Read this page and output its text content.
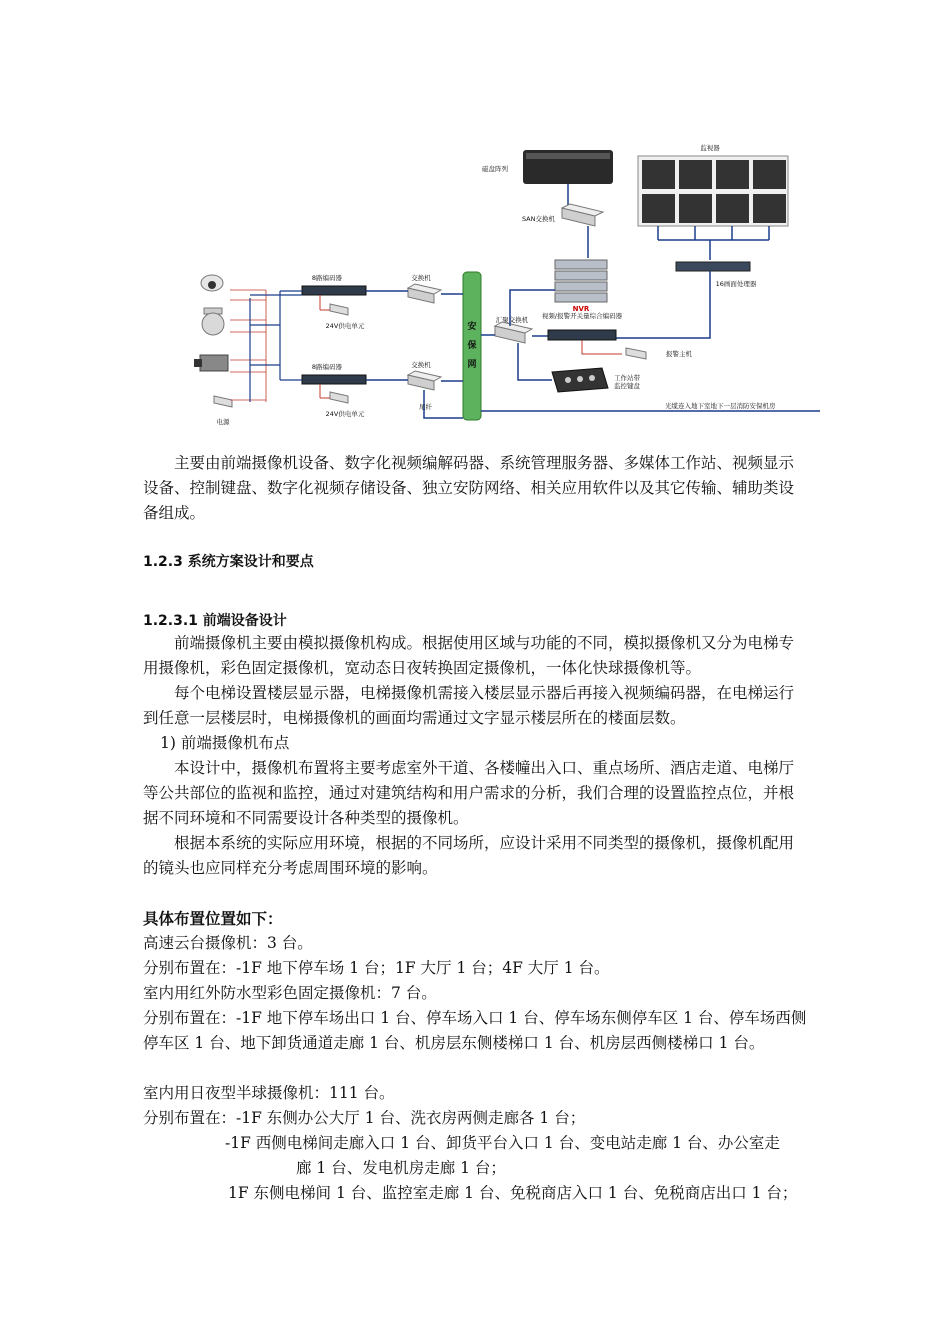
磁盘阵列
SAN交换机
NVR
监视器
16画面处理器
安
保
网
汇聚交换机 视频/报警开关量综合编码器
报警主机
工作站带
监控键盘
光缆连入地下室地下一层消防安保机房
8路编码器	交换机
24V供电单元
8路编码器	交换机
尾纤
24V供电单元
电源

主要由前端摄像机设备、数字化视频编解码器、系统管理服务器、多媒体工作站、视频显示设备、控制键盘、数字化视频存储设备、独立安防网络、相关应用软件以及其它传输、辅助类设备组成。

1.2.3 系统方案设计和要点

1.2.3.1 前端设备设计

前端摄像机主要由模拟摄像机构成。根据使用区域与功能的不同，模拟摄像机又分为电梯专用摄像机，彩色固定摄像机，宽动态日夜转换固定摄像机，一体化快球摄像机等。

每个电梯设置楼层显示器，电梯摄像机需接入楼层显示器后再接入视频编码器，在电梯运行到任意一层楼层时，电梯摄像机的画面均需通过文字显示楼层所在的楼面层数。

1) 前端摄像机布点

本设计中，摄像机布置将主要考虑室外干道、各楼幢出入口、重点场所、酒店走道、电梯厅等公共部位的监视和监控，通过对建筑结构和用户需求的分析，我们合理的设置监控点位，并根据不同环境和不同需要设计各种类型的摄像机。

根据本系统的实际应用环境，根据的不同场所，应设计采用不同类型的摄像机，摄像机配用的镜头也应同样充分考虑周围环境的影响。

具体布置位置如下：

高速云台摄像机：3 台。

分别布置在：-1F 地下停车场 1 台；1F 大厅 1 台；4F 大厅 1 台。

室内用红外防水型彩色固定摄像机：7 台。

分别布置在：-1F 地下停车场出口 1 台、停车场入口 1 台、停车场东侧停车区 1 台、停车场西侧停车区 1 台、地下卸货通道走廊 1 台、机房层东侧楼梯口 1 台、机房层西侧楼梯口 1 台。

室内用日夜型半球摄像机：111 台。

分别布置在：-1F 东侧办公大厅 1 台、洗衣房两侧走廊各 1 台；

-1F 西侧电梯间走廊入口 1 台、卸货平台入口 1 台、变电站走廊 1 台、办公室走

廊 1 台、发电机房走廊 1 台；

1F 东侧电梯间 1 台、监控室走廊 1 台、免税商店入口 1 台、免税商店出口 1 台；
